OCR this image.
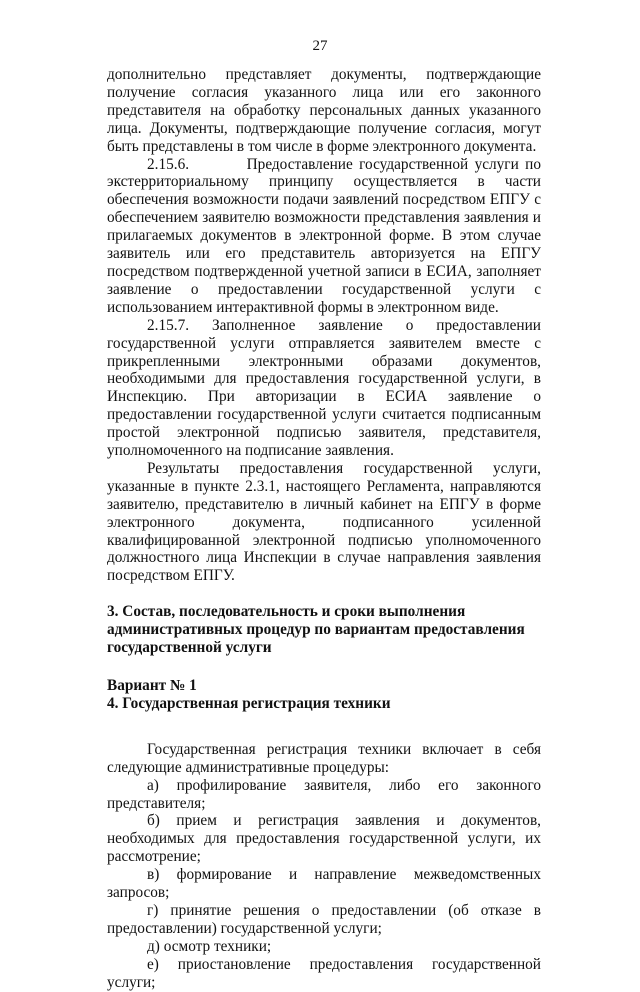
27

дополнительно представляет документы, подтверждающие получение согласия указанного лица или его законного представителя на обработку персональных данных указанного лица. Документы, подтверждающие получение согласия, могут быть представлены в том числе в форме электронного документа.

2.15.6.         Предоставление государственной услуги по экстерриториальному принципу осуществляется в части обеспечения возможности подачи заявлений посредством ЕПГУ с обеспечением заявителю возможности представления заявления и прилагаемых документов в электронной форме. В этом случае заявитель или его представитель авторизуется на ЕПГУ посредством подтвержденной учетной записи в ЕСИА, заполняет заявление о предоставлении государственной услуги с использованием интерактивной формы в электронном виде.

2.15.7. Заполненное заявление о предоставлении государственной услуги отправляется заявителем вместе с прикрепленными электронными образами документов, необходимыми для предоставления государственной услуги, в Инспекцию. При авторизации в ЕСИА заявление о предоставлении государственной услуги считается подписанным простой электронной подписью заявителя, представителя, уполномоченного на подписание заявления.

Результаты предоставления государственной услуги, указанные в пункте 2.3.1, настоящего Регламента, направляются заявителю, представителю в личный кабинет на ЕПГУ в форме электронного документа, подписанного усиленной квалифицированной электронной подписью уполномоченного должностного лица Инспекции в случае направления заявления посредством ЕПГУ.

3. Состав, последовательность и сроки выполнения

административных процедур по вариантам предоставления

государственной услуги

Вариант № 1

4. Государственная регистрация техники

Государственная регистрация техники включает в себя следующие административные процедуры:

а) профилирование заявителя, либо его законного представителя;

б) прием и регистрация заявления и документов, необходимых для предоставления государственной услуги, их рассмотрение;

в) формирование и направление межведомственных запросов;

г) принятие решения о предоставлении (об отказе в предоставлении) государственной услуги;

д) осмотр техники;

е) приостановление предоставления государственной услуги;
